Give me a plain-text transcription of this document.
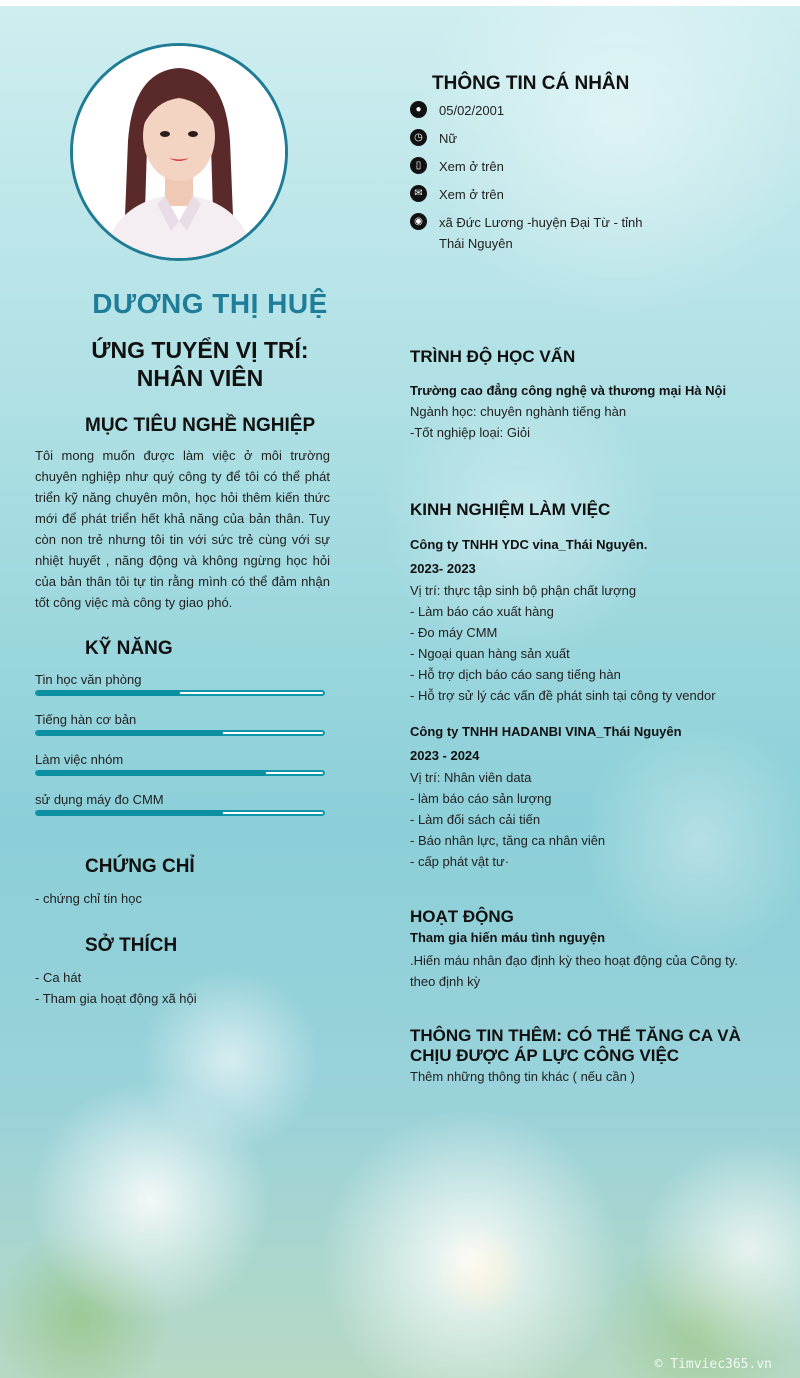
DƯƠNG THỊ HUỆ
ỨNG TUYỂN VỊ TRÍ:
NHÂN VIÊN
MỤC TIÊU NGHỀ NGHIỆP
Tôi mong muốn được làm việc ở môi trường chuyên nghiệp như quý công ty để tôi có thể phát triển kỹ năng chuyên môn, học hỏi thêm kiến thức mới để phát triển hết khả năng của bản thân. Tuy còn non trẻ nhưng tôi tin với sức trẻ cùng với sự nhiệt huyết , năng động và không ngừng học hỏi của bản thân tôi tự tin rằng mình có thể đảm nhận tốt công việc mà công ty giao phó.
KỸ NĂNG
Tin học văn phòng
Tiếng hàn cơ bản
Làm việc nhóm
sử dụng máy đo CMM
CHỨNG CHỈ
- chứng chỉ tin học
SỞ THÍCH
- Ca hát
- Tham gia hoạt động xã hội
THÔNG TIN CÁ NHÂN
●	05/02/2001
◷	Nữ
▯	Xem ở trên
✉	Xem ở trên
◉	xã Đức Lương -huyện Đại Từ - tỉnh Thái Nguyên
TRÌNH ĐỘ HỌC VẤN
Trường cao đẳng công nghệ và thương mại Hà Nội
Ngành học: chuyên nghành tiếng hàn
-Tốt nghiệp loại: Giỏi
KINH NGHIỆM LÀM VIỆC
Công ty TNHH YDC vina_Thái Nguyên.
2023- 2023
Vị trí: thực tập sinh bộ phận chất lượng
- Làm báo cáo xuất hàng
- Đo máy CMM
- Ngoại quan hàng sản xuất
- Hỗ trợ dịch báo cáo sang tiếng hàn
- Hỗ trợ sử lý các vấn đề phát sinh tại công ty vendor
Công ty TNHH HADANBI VINA_Thái Nguyên
2023 - 2024
Vị trí: Nhân viên data
- làm báo cáo sản lượng
- Làm đối sách cải tiến
- Báo nhân lực, tăng ca nhân viên
- cấp phát vật tư·
HOẠT ĐỘNG
Tham gia hiến máu tình nguyện
.Hiến máu nhân đạo định kỳ theo hoạt động của Công ty.
theo định kỳ
THÔNG TIN THÊM: CÓ THỂ TĂNG CA VÀ CHỊU ĐƯỢC ÁP LỰC CÔNG VIỆC
Thêm những thông tin khác ( nếu cần )
© Timviec365.vn
